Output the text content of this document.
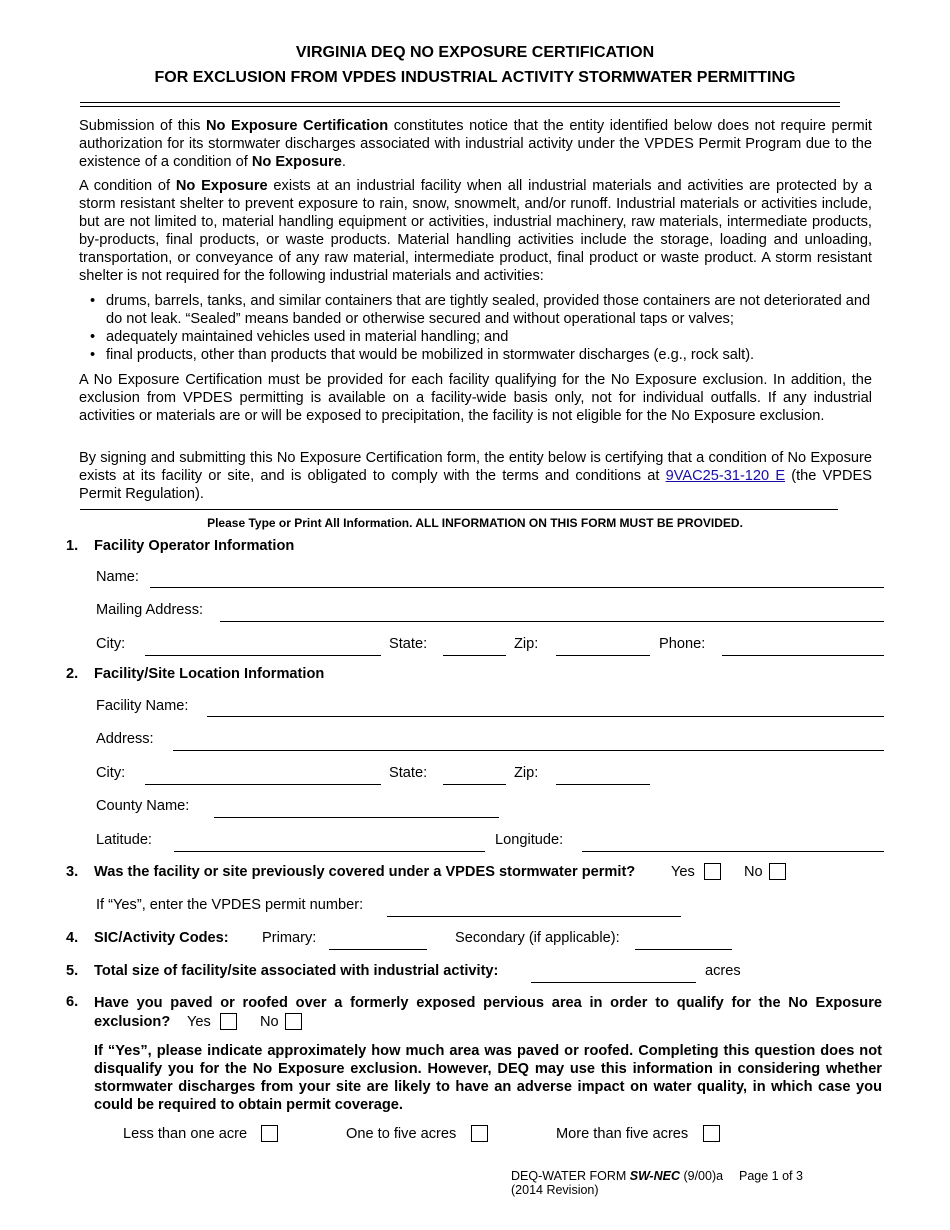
VIRGINIA DEQ NO EXPOSURE CERTIFICATION
FOR EXCLUSION FROM VPDES INDUSTRIAL ACTIVITY STORMWATER PERMITTING
Submission of this No Exposure Certification constitutes notice that the entity identified below does not require permit authorization for its stormwater discharges associated with industrial activity under the VPDES Permit Program due to the existence of a condition of No Exposure.
A condition of No Exposure exists at an industrial facility when all industrial materials and activities are protected by a storm resistant shelter to prevent exposure to rain, snow, snowmelt, and/or runoff. Industrial materials or activities include, but are not limited to, material handling equipment or activities, industrial machinery, raw materials, intermediate products, by-products, final products, or waste products. Material handling activities include the storage, loading and unloading, transportation, or conveyance of any raw material, intermediate product, final product or waste product. A storm resistant shelter is not required for the following industrial materials and activities:
• drums, barrels, tanks, and similar containers that are tightly sealed, provided those containers are not deteriorated and do not leak. “Sealed” means banded or otherwise secured and without operational taps or valves;
• adequately maintained vehicles used in material handling; and
• final products, other than products that would be mobilized in stormwater discharges (e.g., rock salt).
A No Exposure Certification must be provided for each facility qualifying for the No Exposure exclusion. In addition, the exclusion from VPDES permitting is available on a facility-wide basis only, not for individual outfalls. If any industrial activities or materials are or will be exposed to precipitation, the facility is not eligible for the No Exposure exclusion.
By signing and submitting this No Exposure Certification form, the entity below is certifying that a condition of No Exposure exists at its facility or site, and is obligated to comply with the terms and conditions at 9VAC25-31-120 E (the VPDES Permit Regulation).
Please Type or Print All Information. ALL INFORMATION ON THIS FORM MUST BE PROVIDED.
1. Facility Operator Information
Name:
Mailing Address:
City:	State:	Zip:	Phone:
2. Facility/Site Location Information
Facility Name:
Address:
City:	State:	Zip:
County Name:
Latitude:	Longitude:
3. Was the facility or site previously covered under a VPDES stormwater permit? Yes	No
If “Yes”, enter the VPDES permit number:
4. SIC/Activity Codes: Primary:	Secondary (if applicable):
5. Total size of facility/site associated with industrial activity:	acres
6. Have you paved or roofed over a formerly exposed pervious area in order to qualify for the No Exposure
exclusion? Yes	No
If “Yes”, please indicate approximately how much area was paved or roofed. Completing this question does not disqualify you for the No Exposure exclusion. However, DEQ may use this information in considering whether stormwater discharges from your site are likely to have an adverse impact on water quality, in which case you could be required to obtain permit coverage.
Less than one acre	One to five acres	More than five acres
DEQ-WATER FORM SW-NEC (9/00)a Page 1 of 3
(2014 Revision)
